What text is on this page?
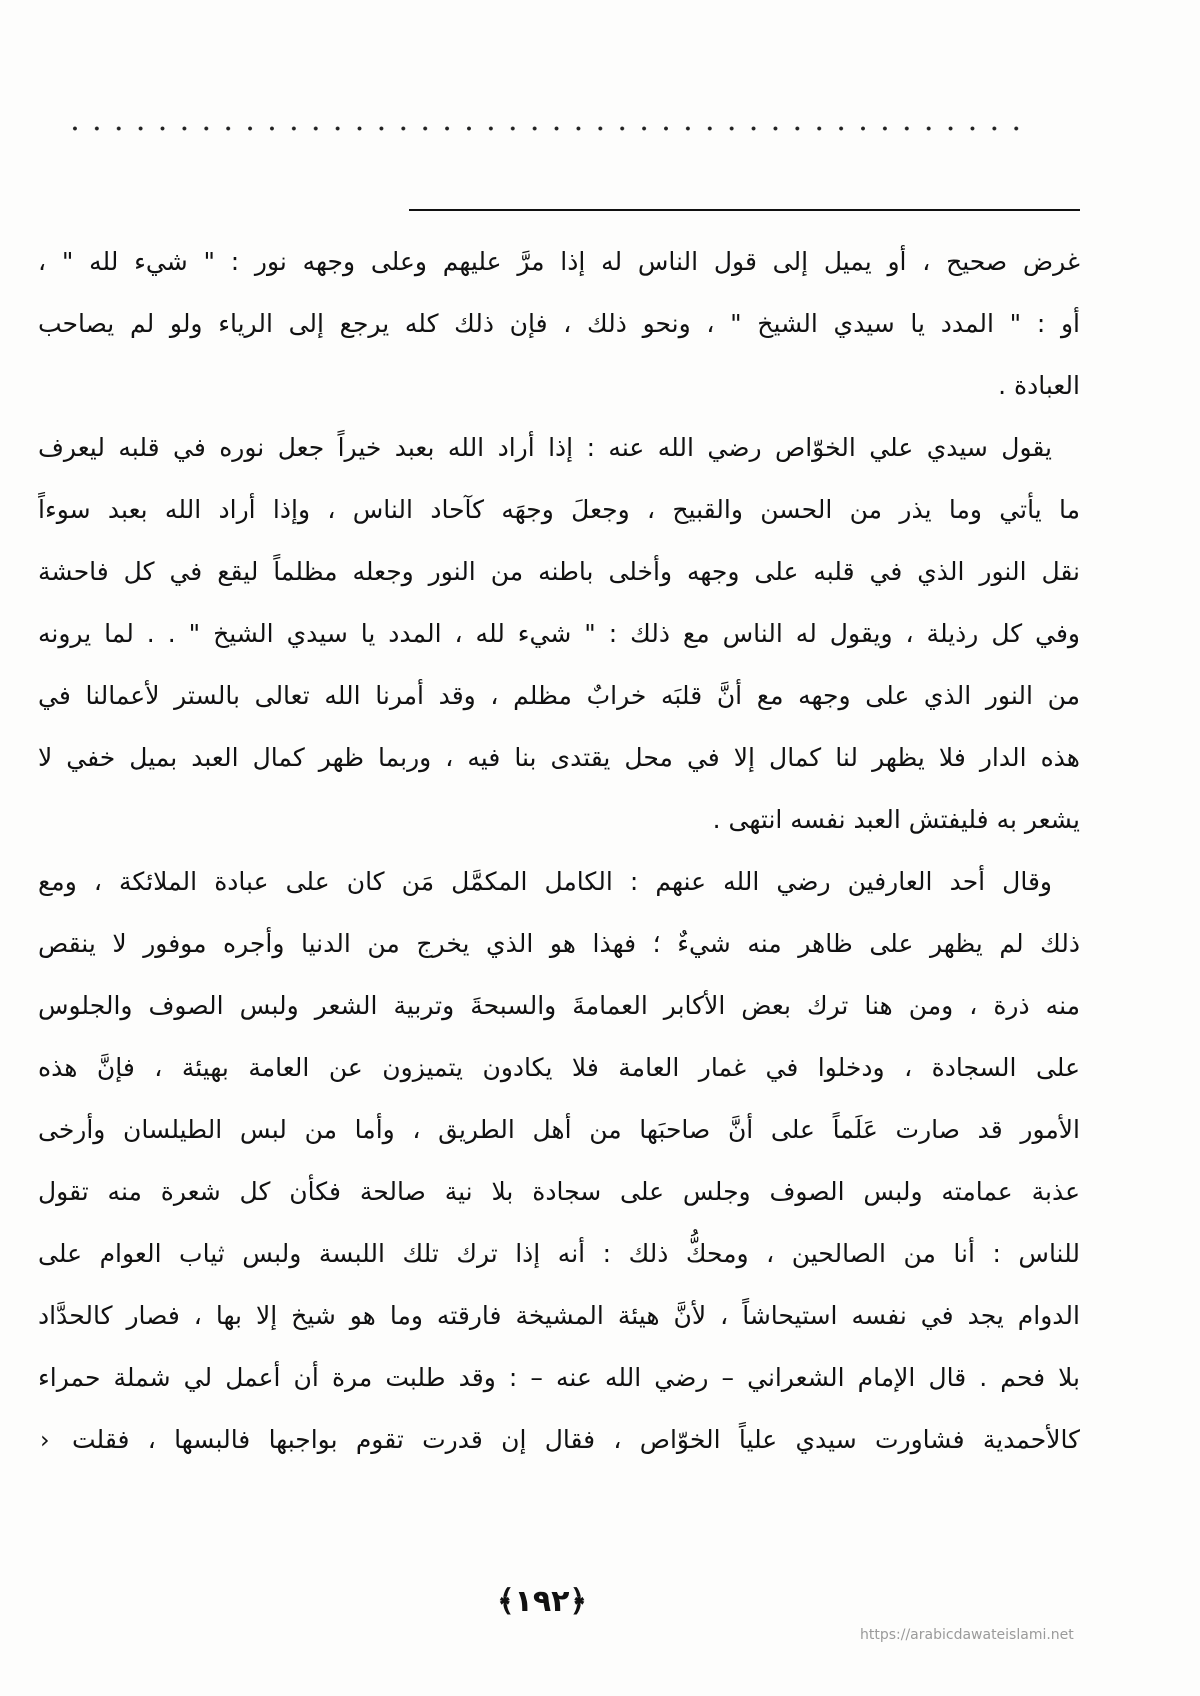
غرض صحيح ، أو يميل إلى قول الناس له إذا مرَّ عليهم وعلى وجهه نور : " شيء لله " ،
أو : " المدد يا سيدي الشيخ " ، ونحو ذلك ، فإن ذلك كله يرجع إلى الرياء ولو لم يصاحب
العبادة .
يقول سيدي علي الخوّاص رضي الله عنه : إذا أراد الله بعبد خيراً جعل نوره في قلبه ليعرف
ما يأتي وما يذر من الحسن والقبيح ، وجعلَ وجهَه كآحاد الناس ، وإذا أراد الله بعبد سوءاً
نقل النور الذي في قلبه على وجهه وأخلى باطنه من النور وجعله مظلماً ليقع في كل فاحشة
وفي كل رذيلة ، ويقول له الناس مع ذلك : " شيء لله ، المدد يا سيدي الشيخ " . . لما يرونه
من النور الذي على وجهه مع أنَّ قلبَه خرابٌ مظلم ، وقد أمرنا الله تعالى بالستر لأعمالنا في
هذه الدار فلا يظهر لنا كمال إلا في محل يقتدى بنا فيه ، وربما ظهر كمال العبد بميل خفي لا
يشعر به فليفتش العبد نفسه انتهى .
وقال أحد العارفين رضي الله عنهم : الكامل المكمَّل مَن كان على عبادة الملائكة ، ومع
ذلك لم يظهر على ظاهر منه شيءٌ ؛ فهذا هو الذي يخرج من الدنيا وأجره موفور لا ينقص
منه ذرة ، ومن هنا ترك بعض الأكابر العمامةَ والسبحةَ وتربية الشعر ولبس الصوف والجلوس
على السجادة ، ودخلوا في غمار العامة فلا يكادون يتميزون عن العامة بهيئة ، فإنَّ هذه
الأمور قد صارت عَلَماً على أنَّ صاحبَها من أهل الطريق ، وأما من لبس الطيلسان وأرخى
عذبة عمامته ولبس الصوف وجلس على سجادة بلا نية صالحة فكأن كل شعرة منه تقول
للناس : أنا من الصالحين ، ومحكُّ ذلك : أنه إذا ترك تلك اللبسة ولبس ثياب العوام على
الدوام يجد في نفسه استيحاشاً ، لأنَّ هيئة المشيخة فارقته وما هو شيخ إلا بها ، فصار كالحدَّاد
بلا فحم . قال الإمام الشعراني – رضي الله عنه – : وقد طلبت مرة أن أعمل لي شملة حمراء
كالأحمدية فشاورت سيدي علياً الخوّاص ، فقال إن قدرت تقوم بواجبها فالبسها ، فقلت
›
﴿١٩٢﴾
https://arabicdawateislami.net
